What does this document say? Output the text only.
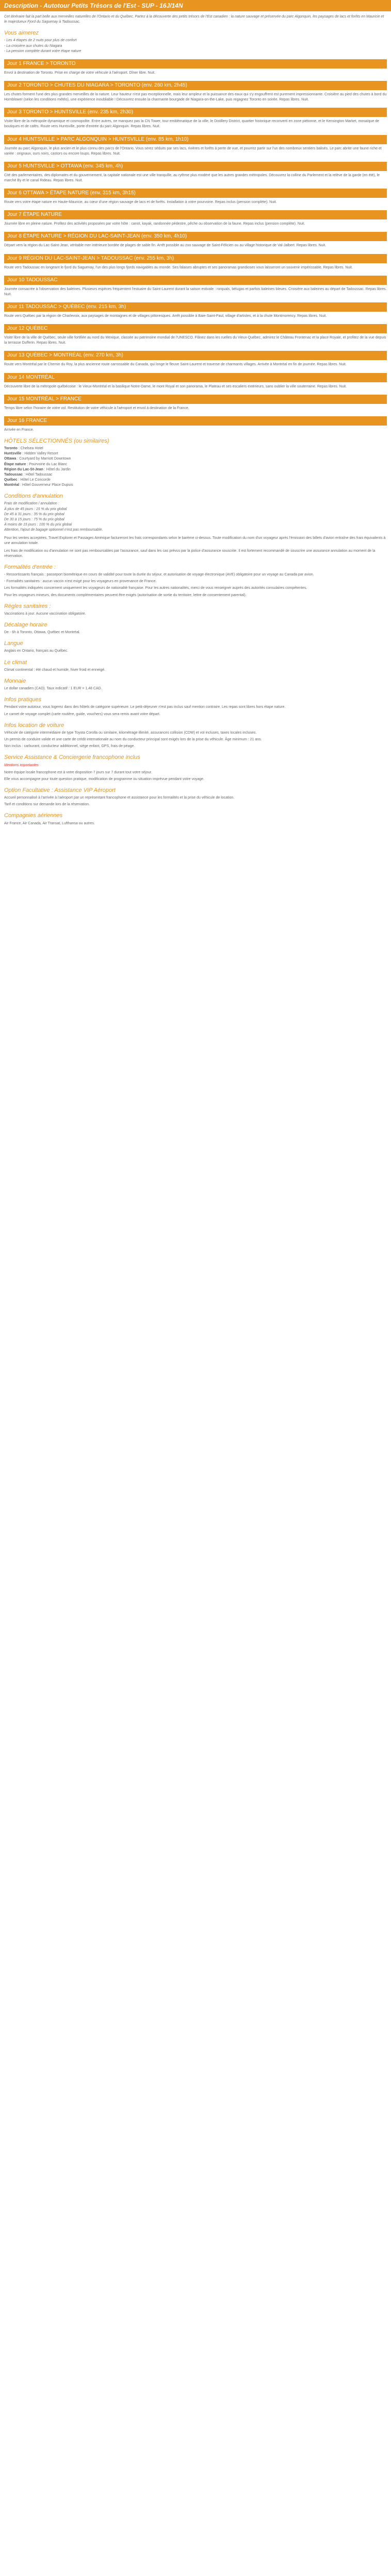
Description - Autotour Petits Trésors de l'Est - SUP - 16J/14N

Cet itinéraire fait la part belle aux merveilles naturelles de l'Ontario et du Québec. Partez à la découverte des petits trésors de l'Est canadien : la nature sauvage et préservée du parc Algonquin, les paysages de lacs et forêts en Mauricie et le majestueux Fjord du Saguenay à Tadoussac.

Vous aimerez
- Les 4 étapes de 2 nuits pour plus de confort
- La croisière aux chutes du Niagara
- La pension complète durant votre étape nature
Jour 1 FRANCE > TORONTO

Envol à destination de Toronto. Prise en charge de votre véhicule à l'aéroport. Dîner libre. Nuit.

Jour 2 TORONTO > CHUTES DU NIAGARA > TORONTO (env. 260 km, 2h45)

Les chutes forment l'une des plus grandes merveilles de la nature. Leur hauteur n'est pas exceptionnelle, mais leur ampleur et la puissance des eaux qui s'y engouffrent est purement impressionnante. Croisière au pied des chutes à bord du Hornblower (selon les conditions météo), une expérience inoubliable ! Découvrez ensuite la charmante bourgade de Niagara-on-the-Lake, puis regagnez Toronto en soirée. Repas libres. Nuit.

Jour 3 TORONTO > HUNTSVILLE (env. 235 km, 2h30)

Visite libre de la métropole dynamique et cosmopolite. Entre autres, ne manquez pas la CN Tower, tour emblématique de la ville, le Distillery District, quartier historique reconverti en zone piétonne, et le Kensington Market, mosaïque de boutiques et de cafés. Route vers Huntsville, porte d'entrée du parc Algonquin. Repas libres. Nuit.

Jour 4 HUNTSVILLE > PARC ALGONQUIN > HUNTSVILLE (env. 85 km, 1h10)

Journée au parc Algonquin, le plus ancien et le plus connu des parcs de l'Ontario. Vous serez séduits par ses lacs, rivières et forêts à perte de vue, et pourrez partir sur l'un des nombreux sentiers balisés. Le parc abrite une faune riche et variée : orignaux, ours noirs, castors ou encore loups. Repas libres. Nuit.

Jour 5 HUNTSVILLE > OTTAWA (env. 345 km, 4h)

Cité des parlementaires, des diplomates et du gouvernement, la capitale nationale est une ville tranquille, au rythme plus modéré que les autres grandes métropoles. Découvrez la colline du Parlement et la relève de la garde (en été), le marché By et le canal Rideau. Repas libres. Nuit.

Jour 6 OTTAWA > ÉTAPE NATURE (env. 315 km, 3h15)

Route vers votre étape nature en Haute-Mauricie, au cœur d'une région sauvage de lacs et de forêts. Installation à votre pourvoirie. Repas inclus (pension complète). Nuit.

Jour 7 ÉTAPE NATURE

Journée libre en pleine nature. Profitez des activités proposées par votre hôte : canot, kayak, randonnée pédestre, pêche ou observation de la faune. Repas inclus (pension complète). Nuit.

Jour 8 ÉTAPE NATURE > RÉGION DU LAC-SAINT-JEAN (env. 350 km, 4h10)

Départ vers la région du Lac-Saint-Jean, véritable mer intérieure bordée de plages de sable fin. Arrêt possible au zoo sauvage de Saint-Félicien ou au village historique de Val-Jalbert. Repas libres. Nuit.

Jour 9 RÉGION DU LAC-SAINT-JEAN > TADOUSSAC (env. 255 km, 3h)

Route vers Tadoussac en longeant le fjord du Saguenay, l'un des plus longs fjords navigables au monde. Ses falaises abruptes et ses panoramas grandioses vous laisseront un souvenir impérissable. Repas libres. Nuit.

Jour 10 TADOUSSAC

Journée consacrée à l'observation des baleines. Plusieurs espèces fréquentent l'estuaire du Saint-Laurent durant la saison estivale : rorquals, bélugas et parfois baleines bleues. Croisière aux baleines au départ de Tadoussac. Repas libres. Nuit.

Jour 11 TADOUSSAC > QUÉBEC (env. 215 km, 3h)

Route vers Québec par la région de Charlevoix, aux paysages de montagnes et de villages pittoresques. Arrêt possible à Baie-Saint-Paul, village d'artistes, et à la chute Montmorency. Repas libres. Nuit.

Jour 12 QUÉBEC

Visite libre de la ville de Québec, seule ville fortifiée au nord du Mexique, classée au patrimoine mondial de l'UNESCO. Flânez dans les ruelles du Vieux-Québec, admirez le Château Frontenac et la place Royale, et profitez de la vue depuis la terrasse Dufferin. Repas libres. Nuit.

Jour 13 QUÉBEC > MONTRÉAL (env. 270 km, 3h)

Route vers Montréal par le Chemin du Roy, la plus ancienne route carrossable du Canada, qui longe le fleuve Saint-Laurent et traverse de charmants villages. Arrivée à Montréal en fin de journée. Repas libres. Nuit.

Jour 14 MONTRÉAL

Découverte libre de la métropole québécoise : le Vieux-Montréal et la basilique Notre-Dame, le mont Royal et son panorama, le Plateau et ses escaliers extérieurs, sans oublier la ville souterraine. Repas libres. Nuit.

Jour 15 MONTRÉAL > FRANCE

Temps libre selon l'horaire de votre vol. Restitution de votre véhicule à l'aéroport et envol à destination de la France.

Jour 16 FRANCE

Arrivée en France.

HÔTELS SÉLECTIONNÉS (ou similaires)
Toronto : Chelsea Hotel
Huntsville : Hidden Valley Resort
Ottawa : Courtyard by Marriott Downtown
Étape nature : Pourvoirie du Lac Blanc
Région du Lac-St-Jean : Hôtel du Jardin
Tadoussac : Hôtel Tadoussac
Québec : Hôtel Le Concorde
Montréal : Hôtel Gouverneur Place Dupuis
Conditions d'annulation
Frais de modification / annulation :
À plus de 45 jours : 15 % du prix global
De 45 à 31 jours : 35 % du prix global
De 30 à 15 jours : 75 % du prix global
À moins de 15 jours : 100 % du prix global
Attention, l'ajout de bagage optionnel n'est pas remboursable.

Pour les ventes acceptées, Travel Explorer et Passages Amérique factureront les frais correspondants selon le barème ci-dessus. Toute modification du nom d'un voyageur après l'émission des billets d'avion entraîne des frais équivalents à une annulation totale.

Les frais de modification ou d'annulation ne sont pas remboursables par l'assurance, sauf dans les cas prévus par la police d'assurance souscrite. Il est fortement recommandé de souscrire une assurance annulation au moment de la réservation.

Formalités d'entrée :

- Ressortissants français : passeport biométrique en cours de validité pour toute la durée du séjour, et autorisation de voyage électronique (AVE) obligatoire pour un voyage au Canada par avion.

- Formalités sanitaires : aucun vaccin n'est exigé pour les voyageurs en provenance de France.

Les formalités indiquées concernent uniquement les voyageurs de nationalité française. Pour les autres nationalités, merci de vous renseigner auprès des autorités consulaires compétentes.

Pour les voyageurs mineurs, des documents complémentaires peuvent être exigés (autorisation de sortie du territoire, lettre de consentement parental).

Règles sanitaires :

Vaccinations à jour. Aucune vaccination obligatoire.

Décalage horaire

De - 6h à Toronto, Ottawa, Québec et Montréal.

Langue

Anglais en Ontario, français au Québec.

Le climat

Climat continental : été chaud et humide, hiver froid et enneigé.

Monnaie

Le dollar canadien (CAD). Taux indicatif : 1 EUR = 1,48 CAD.

Infos pratiques

Pendant votre autotour, vous logerez dans des hôtels de catégorie supérieure. Le petit-déjeuner n'est pas inclus sauf mention contraire. Les repas sont libres hors étape nature.

Le carnet de voyage complet (carte routière, guide, vouchers) vous sera remis avant votre départ.

Infos location de voiture

Véhicule de catégorie intermédiaire de type Toyota Corolla ou similaire, kilométrage illimité, assurances collision (CDW) et vol incluses, taxes locales incluses.

Un permis de conduire valide et une carte de crédit internationale au nom du conducteur principal sont exigés lors de la prise du véhicule. Âge minimum : 21 ans.

Non inclus : carburant, conducteur additionnel, siège enfant, GPS, frais de péage.

Service Assistance & Conciergerie francophone inclus

Mentions importantes

Notre équipe locale francophone est à votre disposition 7 jours sur 7 durant tout votre séjour.

Elle vous accompagne pour toute question pratique, modification de programme ou situation imprévue pendant votre voyage.

Option Facultative : Assistance VIP Aéroport

Accueil personnalisé à l'arrivée à l'aéroport par un représentant francophone et assistance pour les formalités et la prise du véhicule de location.

Tarif et conditions sur demande lors de la réservation.

Compagnies aériennes

Air France, Air Canada, Air Transat, Lufthansa ou autres.
